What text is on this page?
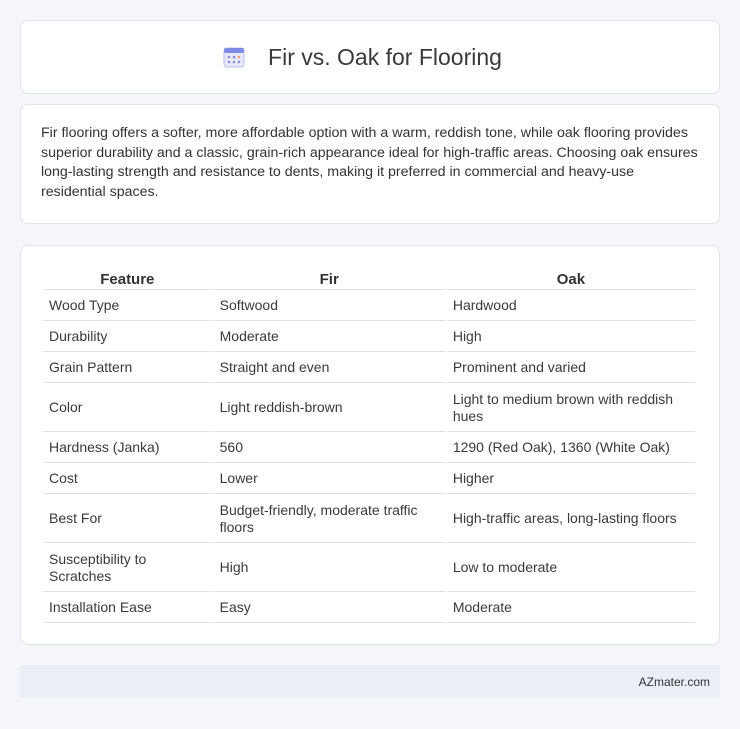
Fir vs. Oak for Flooring

Fir flooring offers a softer, more affordable option with a warm, reddish tone, while oak flooring provides superior durability and a classic, grain-rich appearance ideal for high-traffic areas. Choosing oak ensures long-lasting strength and resistance to dents, making it preferred in commercial and heavy-use residential spaces.

Feature	Fir	Oak
Wood Type	Softwood	Hardwood
Durability	Moderate	High
Grain Pattern	Straight and even	Prominent and varied
Color	Light reddish-brown	Light to medium brown with reddish hues
Hardness (Janka)	560	1290 (Red Oak), 1360 (White Oak)
Cost	Lower	Higher
Best For	Budget-friendly, moderate traffic floors	High-traffic areas, long-lasting floors
Susceptibility to Scratches	High	Low to moderate
Installation Ease	Easy	Moderate
AZmater.com
